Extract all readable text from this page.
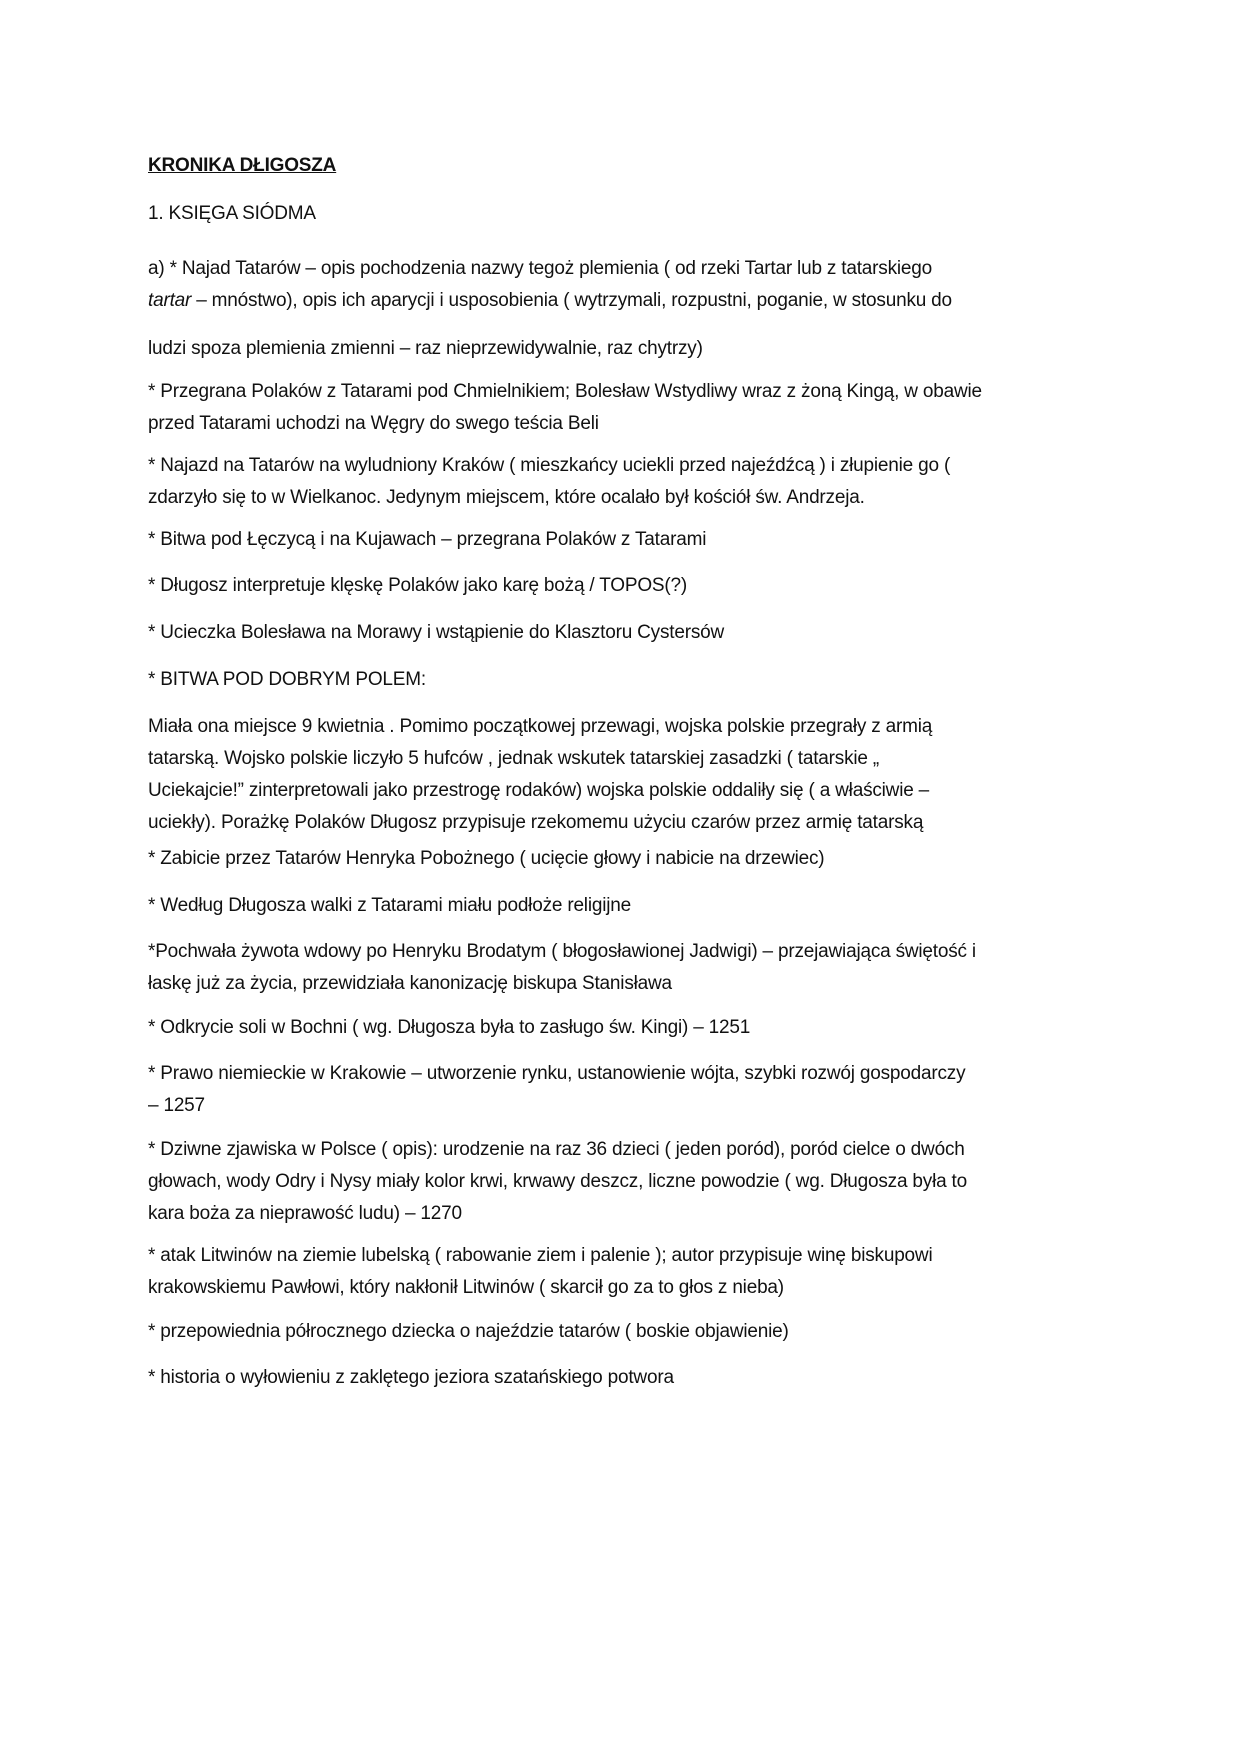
KRONIKA DŁIGOSZA

1. KSIĘGA SIÓDMA

a) * Najad Tatarów – opis pochodzenia nazwy tegoż plemienia ( od rzeki Tartar lub z tatarskiego

tartar – mnóstwo), opis ich aparycji i usposobienia ( wytrzymali, rozpustni, poganie, w stosunku do

ludzi spoza plemienia zmienni – raz nieprzewidywalnie, raz chytrzy)

* Przegrana Polaków z Tatarami pod Chmielnikiem; Bolesław Wstydliwy wraz z żoną Kingą, w obawie

przed Tatarami uchodzi na Węgry do swego teścia Beli

* Najazd na Tatarów na wyludniony Kraków ( mieszkańcy uciekli przed najeźdźcą ) i złupienie go (

zdarzyło się to w Wielkanoc. Jedynym miejscem, które ocalało był kościół św. Andrzeja.

* Bitwa pod Łęczycą i na Kujawach – przegrana Polaków z Tatarami

* Długosz interpretuje klęskę Polaków jako karę bożą / TOPOS(?)

* Ucieczka Bolesława na Morawy i wstąpienie do Klasztoru Cystersów

* BITWA POD DOBRYM POLEM:

Miała ona miejsce 9 kwietnia . Pomimo początkowej przewagi, wojska polskie przegrały z armią

tatarską. Wojsko polskie liczyło 5 hufców , jednak wskutek tatarskiej zasadzki ( tatarskie „

Uciekajcie!” zinterpretowali jako przestrogę rodaków) wojska polskie oddaliły się ( a właściwie –

uciekły). Porażkę Polaków Długosz przypisuje rzekomemu użyciu czarów przez armię tatarską

* Zabicie przez Tatarów Henryka Pobożnego ( ucięcie głowy i nabicie na drzewiec)

* Według Długosza walki z Tatarami miału podłoże religijne

*Pochwała żywota wdowy po Henryku Brodatym ( błogosławionej Jadwigi) – przejawiająca świętość i

łaskę już za życia, przewidziała kanonizację biskupa Stanisława

* Odkrycie soli w Bochni ( wg. Długosza była to zasługo św. Kingi) – 1251

* Prawo niemieckie w Krakowie – utworzenie rynku, ustanowienie wójta, szybki rozwój gospodarczy

– 1257

* Dziwne zjawiska w Polsce ( opis): urodzenie na raz 36 dzieci ( jeden poród), poród cielce o dwóch

głowach, wody Odry i Nysy miały kolor krwi, krwawy deszcz, liczne powodzie ( wg. Długosza była to

kara boża za nieprawość ludu) – 1270

* atak Litwinów na ziemie lubelską ( rabowanie ziem i palenie ); autor przypisuje winę biskupowi

krakowskiemu Pawłowi, który nakłonił Litwinów ( skarcił go za to głos z nieba)

* przepowiednia półrocznego dziecka o najeździe tatarów ( boskie objawienie)

* historia o wyłowieniu z zaklętego jeziora szatańskiego potwora
